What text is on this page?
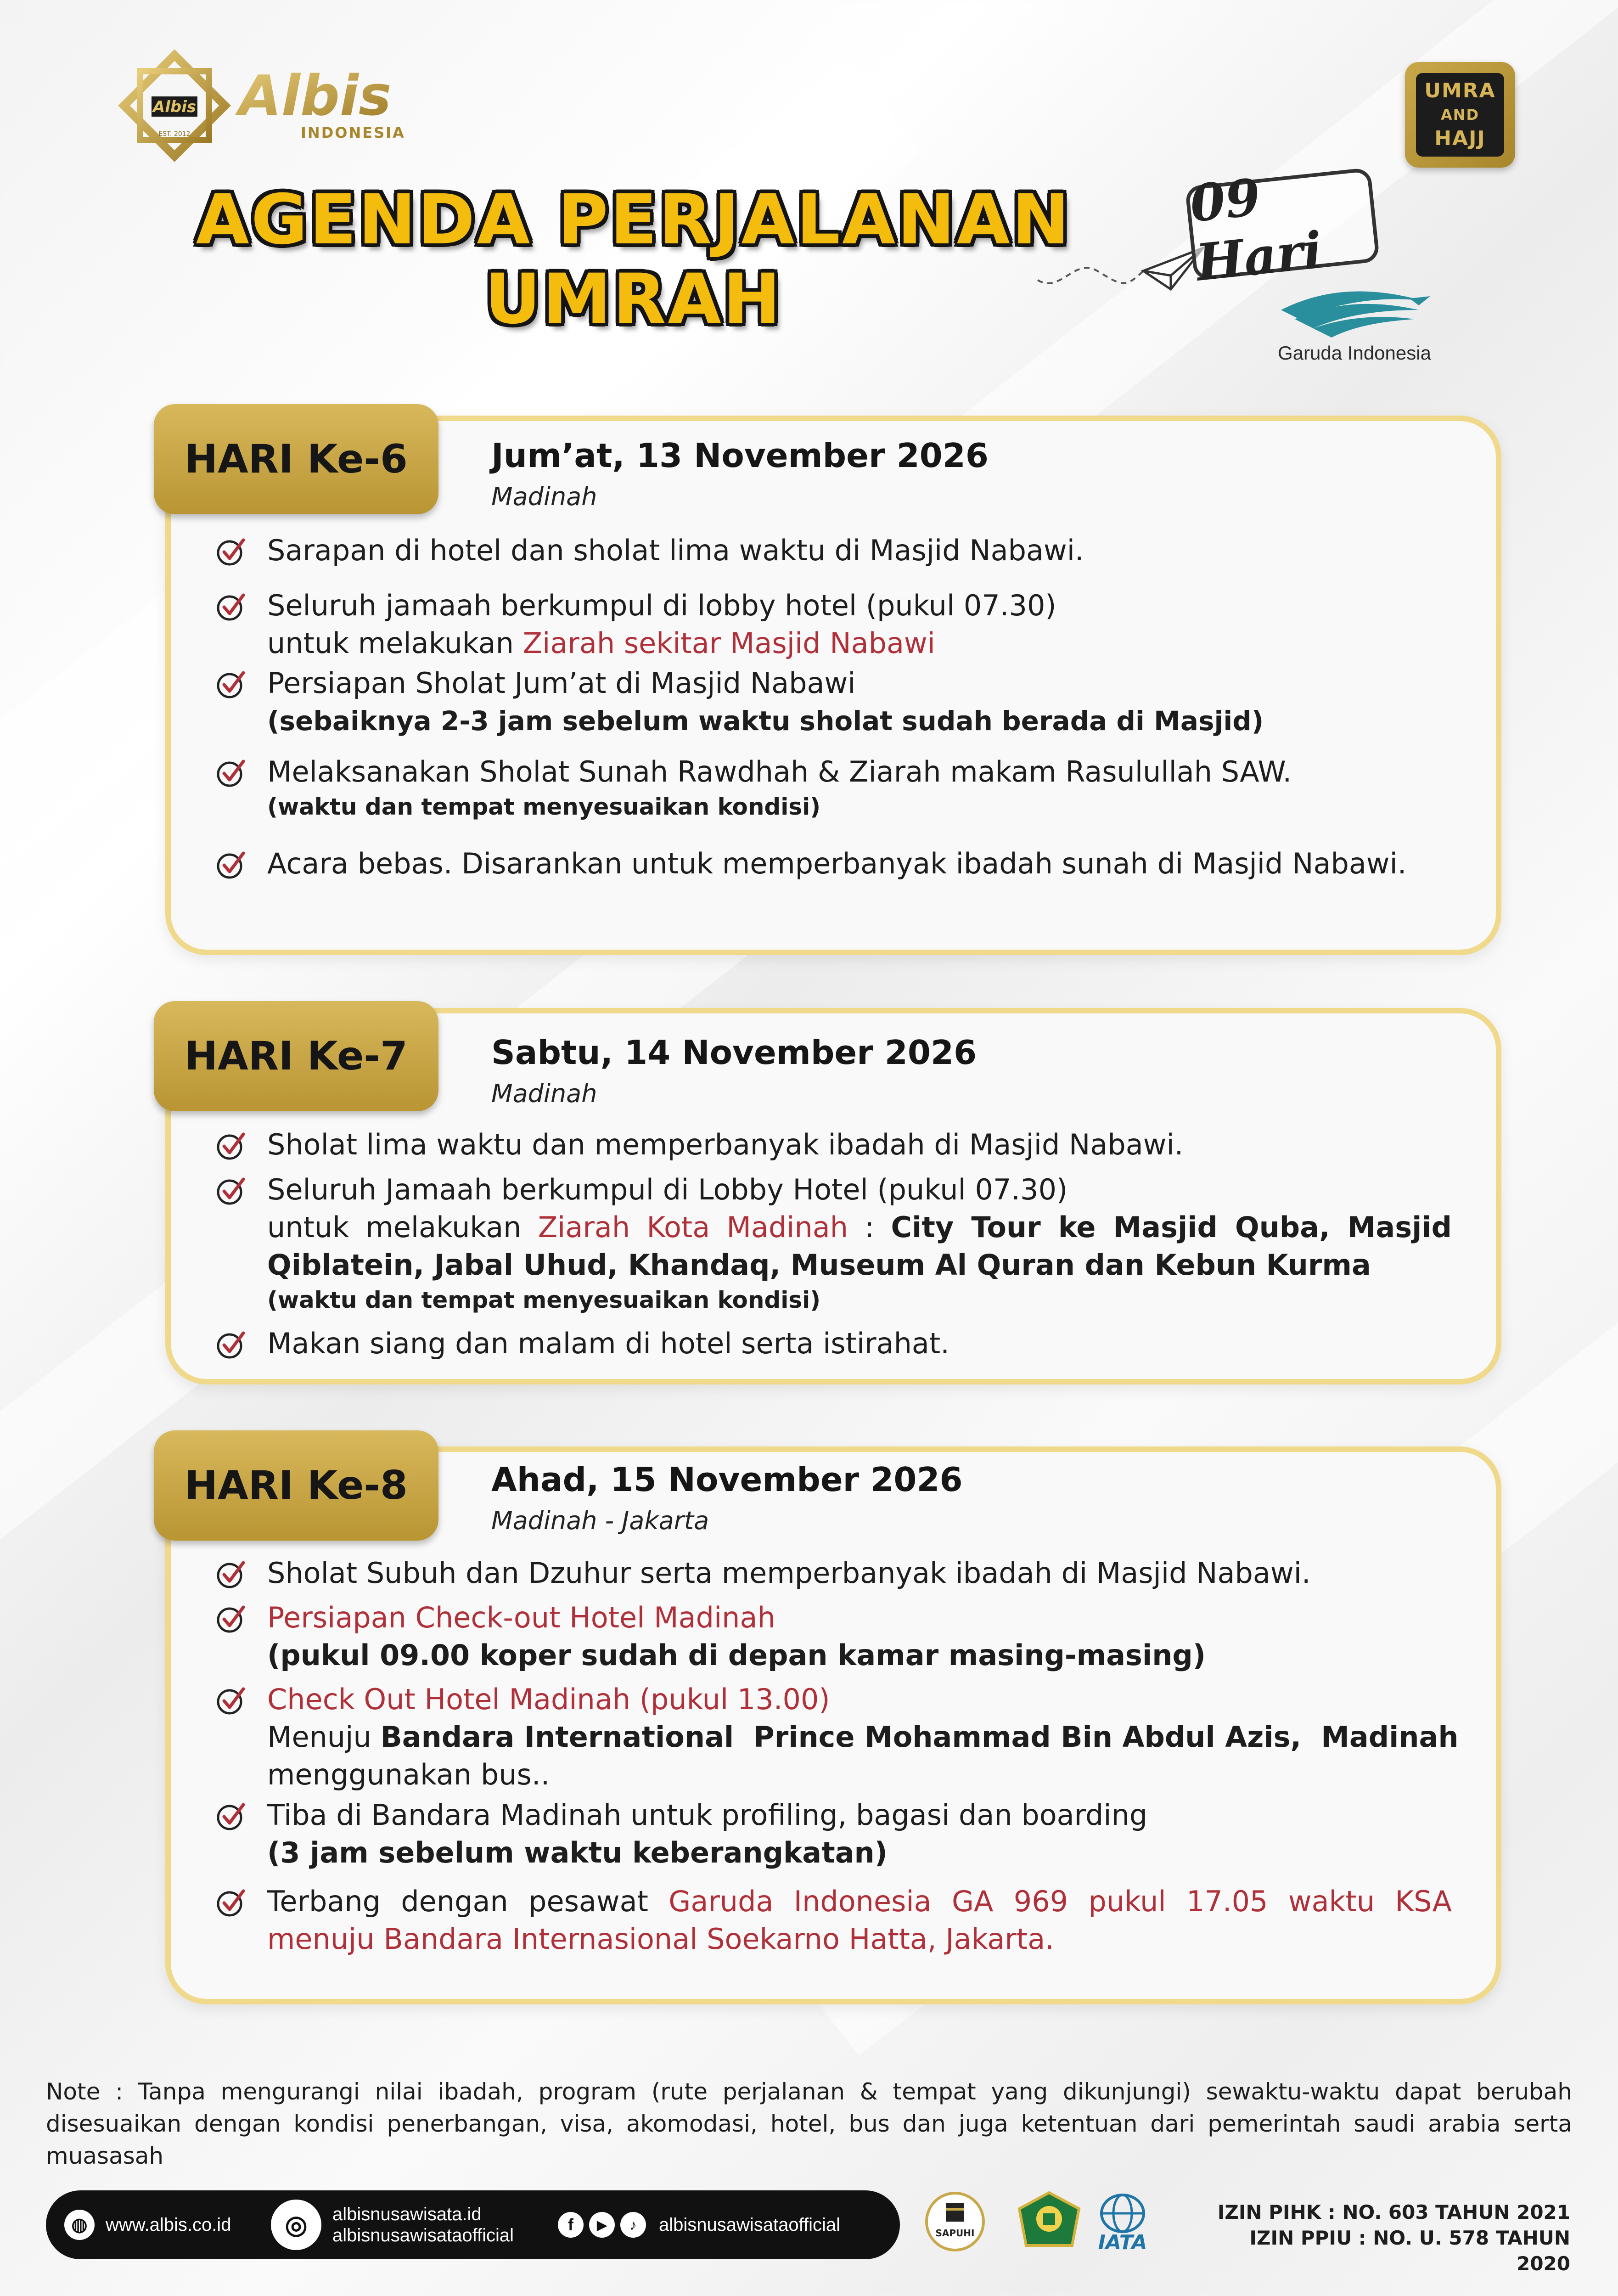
Albis
EST. 2012
Albis
INDONESIA
UMRA
AND
HAJJ
AGENDA PERJALANAN
UMRAH
09 Hari
Garuda Indonesia
HARI Ke-6	Jum’at, 13 November 2026
Madinah
Sarapan di hotel dan sholat lima waktu di Masjid Nabawi.
Seluruh jamaah berkumpul di lobby hotel (pukul 07.30)
untuk melakukan Ziarah sekitar Masjid Nabawi
Persiapan Sholat Jum’at di Masjid Nabawi
(sebaiknya 2-3 jam sebelum waktu sholat sudah berada di Masjid)
Melaksanakan Sholat Sunah Rawdhah & Ziarah makam Rasulullah SAW.
(waktu dan tempat menyesuaikan kondisi)
Acara bebas. Disarankan untuk memperbanyak ibadah sunah di Masjid Nabawi.
HARI Ke-7	Sabtu, 14 November 2026
Madinah
Sholat lima waktu dan memperbanyak ibadah di Masjid Nabawi.
Seluruh Jamaah berkumpul di Lobby Hotel (pukul 07.30)
untuk melakukan Ziarah Kota Madinah : City Tour ke Masjid Quba, Masjid Qiblatein, Jabal Uhud, Khandaq, Museum Al Quran dan Kebun Kurma
(waktu dan tempat menyesuaikan kondisi)
Makan siang dan malam di hotel serta istirahat.
HARI Ke-8	Ahad, 15 November 2026
Madinah - Jakarta
Sholat Subuh dan Dzuhur serta memperbanyak ibadah di Masjid Nabawi.
Persiapan Check-out Hotel Madinah
(pukul 09.00 koper sudah di depan kamar masing-masing)
Check Out Hotel Madinah (pukul 13.00)
Menuju Bandara International  Prince Mohammad Bin Abdul Azis,  Madinah
menggunakan bus..
Tiba di Bandara Madinah untuk profiling, bagasi dan boarding
(3 jam sebelum waktu keberangkatan)
Terbang dengan pesawat Garuda Indonesia GA 969 pukul 17.05 waktu KSA menuju Bandara Internasional Soekarno Hatta, Jakarta.
Note : Tanpa mengurangi nilai ibadah, program (rute perjalanan & tempat yang dikunjungi) sewaktu-waktu dapat berubah disesuaikan dengan kondisi penerbangan, visa, akomodasi, hotel, bus dan juga ketentuan dari pemerintah saudi arabia serta muasasah
◍ www.albis.co.id	◎	albisnusawisata.id
albisnusawisataofficial
f	▶	♪	albisnusawisataofficial	SAPUHI	IATA
IZIN PIHK : NO. 603 TAHUN 2021
IZIN PPIU : NO. U. 578 TAHUN 2020
